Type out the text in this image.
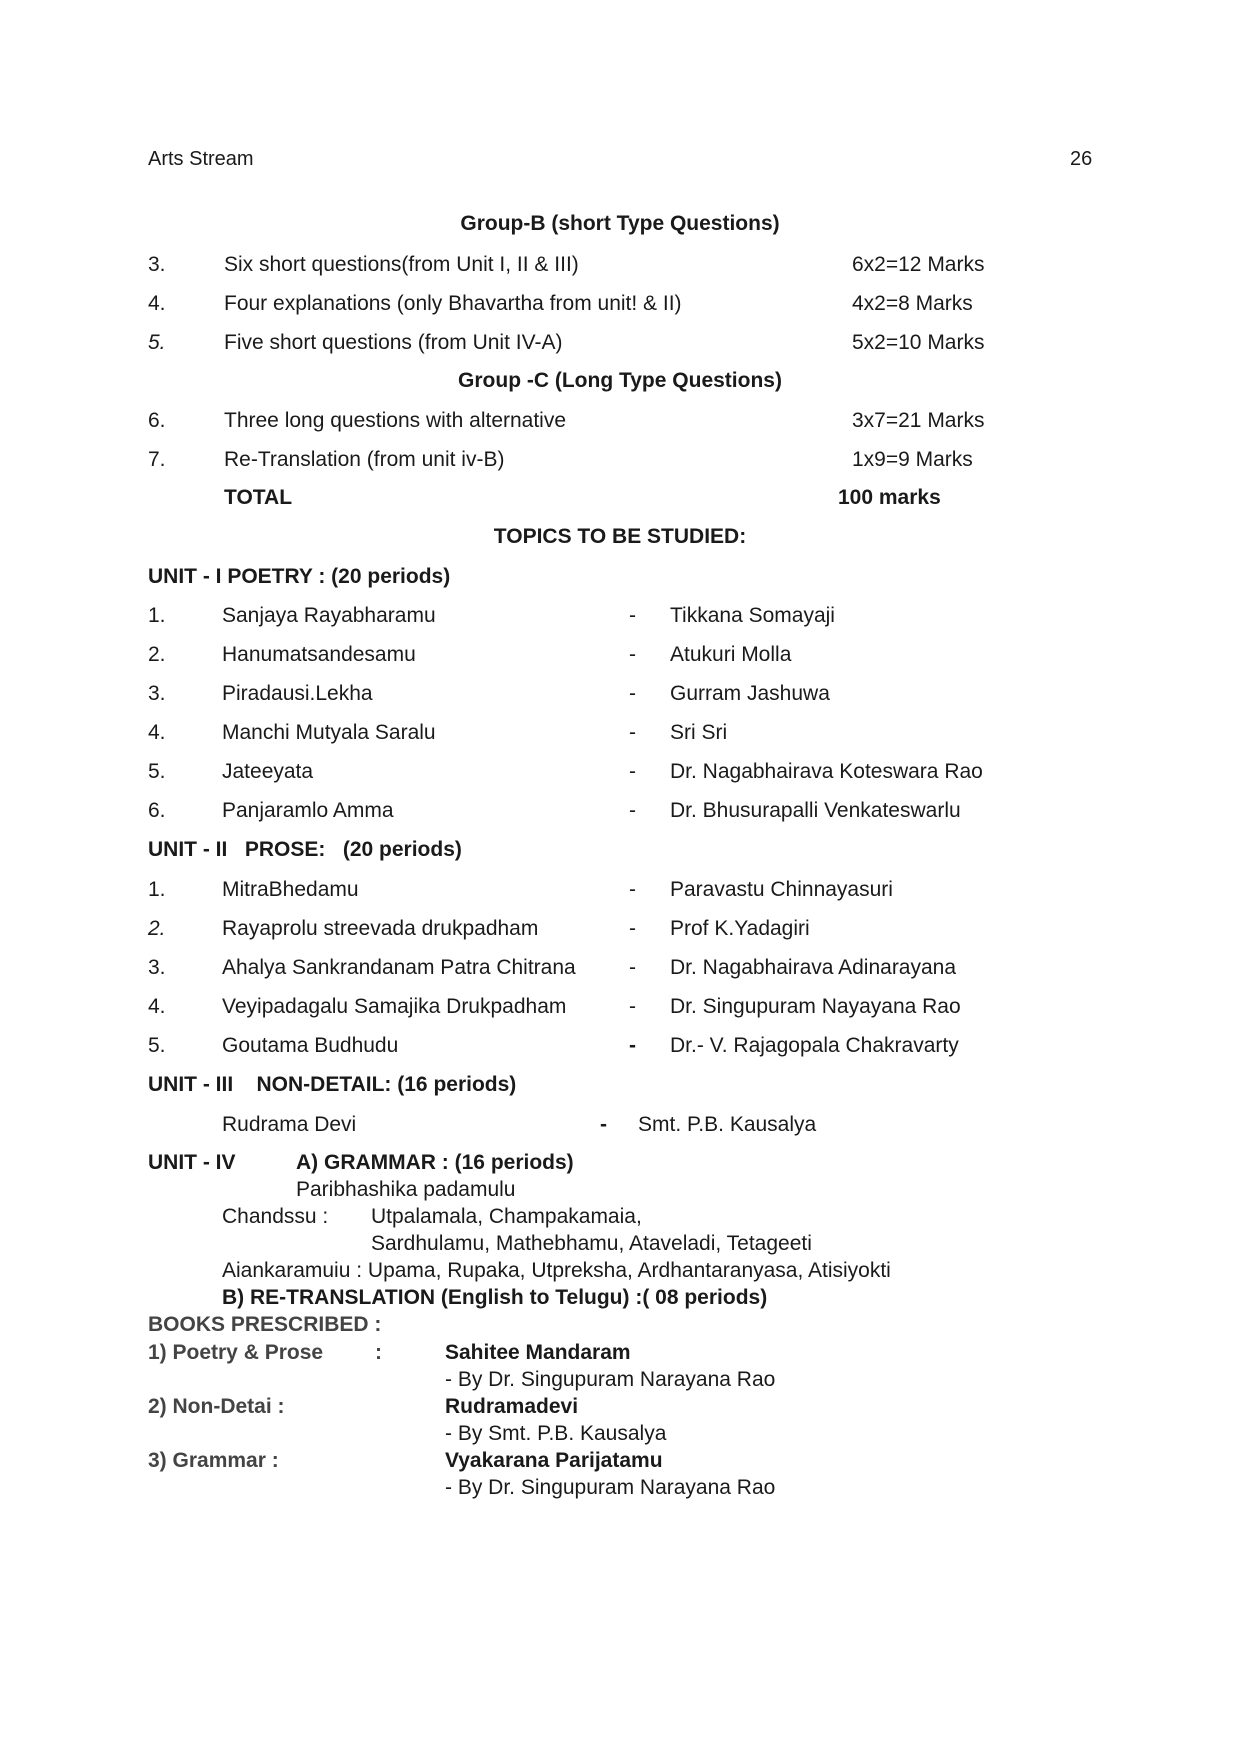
Arts Stream	26
Group-B (short Type Questions)
3.	Six short questions(from Unit I, II & III)	6x2=12 Marks
4.	Four explanations (only Bhavartha from unit! & II)	4x2=8 Marks
5.	Five short questions (from Unit IV-A)	5x2=10 Marks
Group -C (Long Type Questions)
6.	Three long questions with alternative	3x7=21 Marks
7.	Re-Translation (from unit iv-B)	1x9=9 Marks
TOTAL	100 marks
TOPICS TO BE STUDIED:
UNIT - I POETRY : (20 periods)
1.	Sanjaya Rayabharamu	- Tikkana Somayaji
2.	Hanumatsandesamu	- Atukuri Molla
3.	Piradausi.Lekha	- Gurram Jashuwa
4.	Manchi Mutyala Saralu	- Sri Sri
5.	Jateeyata	- Dr. Nagabhairava Koteswara Rao
6.	Panjaramlo Amma	- Dr. Bhusurapalli Venkateswarlu
UNIT - II   PROSE:   (20 periods)
1.	MitraBhedamu	- Paravastu Chinnayasuri
2.	Rayaprolu streevada drukpadham	- Prof K.Yadagiri
3.	Ahalya Sankrandanam Patra Chitrana	- Dr. Nagabhairava Adinarayana
4.	Veyipadagalu Samajika Drukpadham	- Dr. Singupuram Nayayana Rao
5.	Goutama Budhudu	- Dr.- V. Rajagopala Chakravarty
UNIT - III    NON-DETAIL: (16 periods)
Rudrama Devi	- Smt. P.B. Kausalya
UNIT - IV	A) GRAMMAR : (16 periods)
Paribhashika padamulu
Chandssu : Utpalamala, Champakamaia,
Sardhulamu, Mathebhamu, Ataveladi, Tetageeti
Aiankaramuiu : Upama, Rupaka, Utpreksha, Ardhantaranyasa, Atisiyokti
B) RE-TRANSLATION (English to Telugu) :( 08 periods)
BOOKS PRESCRIBED :
1) Poetry & Prose :	Sahitee Mandaram
- By Dr. Singupuram Narayana Rao
2) Non-Detai :	Rudramadevi
- By Smt. P.B. Kausalya
3) Grammar :	Vyakarana Parijatamu
- By Dr. Singupuram Narayana Rao
